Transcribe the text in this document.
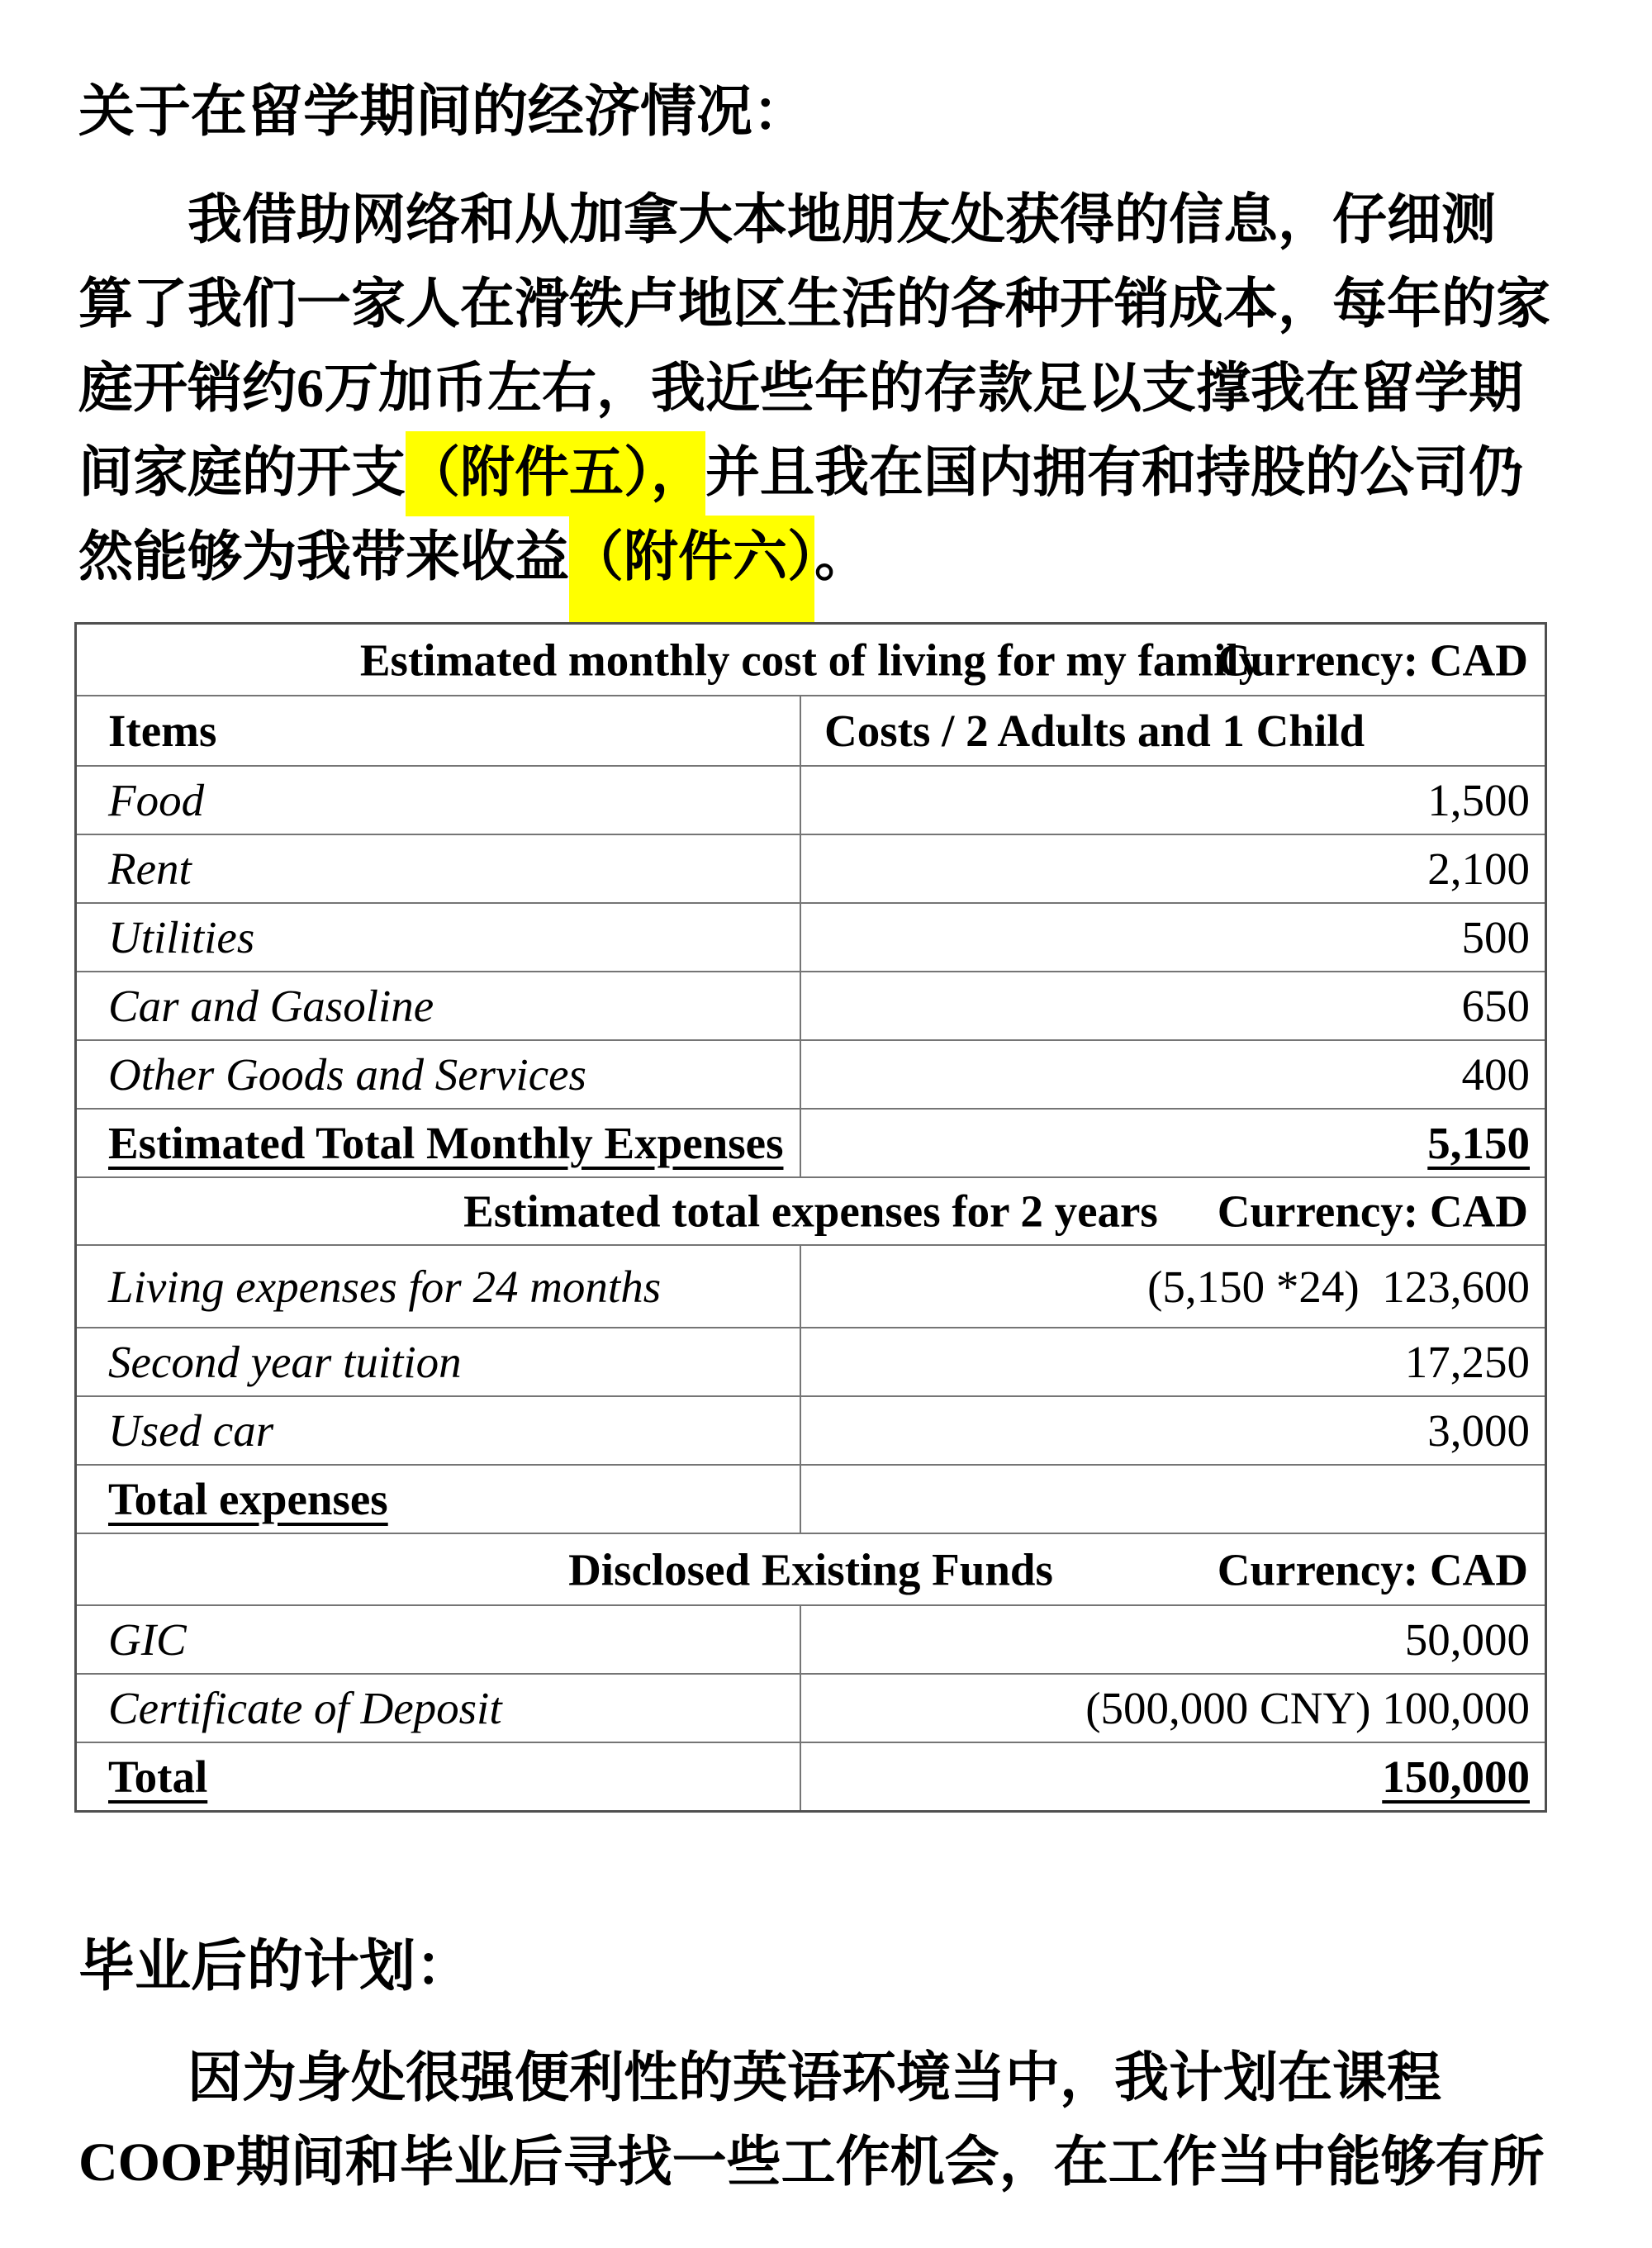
关于在留学期间的经济情况：
我借助网络和从加拿大本地朋友处获得的信息，仔细测
算了我们一家人在滑铁卢地区生活的各种开销成本，每年的家
庭开销约6万加币左右，我近些年的存款足以支撑我在留学期
间家庭的开支（附件五），并且我在国内拥有和持股的公司仍
然能够为我带来收益（附件六）。
Estimated monthly cost of living for my family
Currency: CAD
Items	Costs / 2 Adults and 1 Child
Food	1,500
Rent	2,100
Utilities	500
Car and Gasoline	650
Other Goods and Services	400
Estimated Total Monthly Expenses	5,150
Estimated total expenses for 2 years	Currency: CAD
Living expenses for 24 months	(5,150 *24)  123,600
Second year tuition	17,250
Used car	3,000
Total expenses
Disclosed Existing Funds	Currency: CAD
GIC	50,000
Certificate of Deposit	(500,000 CNY) 100,000
Total	150,000
毕业后的计划：
因为身处很强便利性的英语环境当中，我计划在课程
COOP期间和毕业后寻找一些工作机会，在工作当中能够有所
